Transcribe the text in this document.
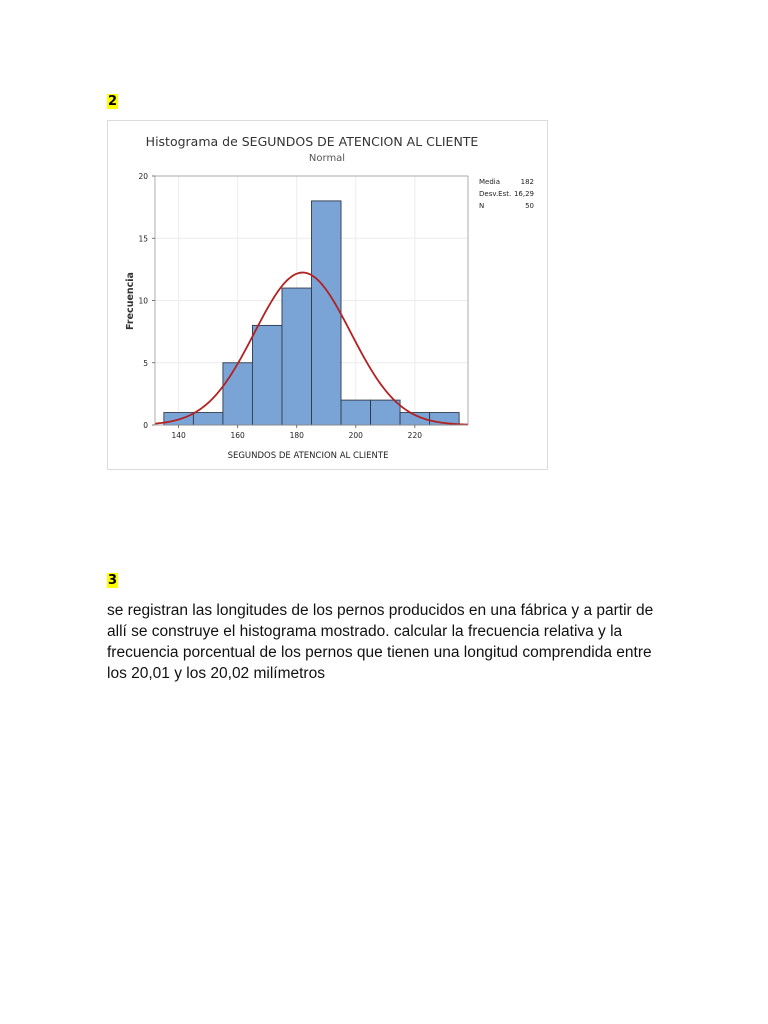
2
Histograma de SEGUNDOS DE ATENCION AL CLIENTE
Normal
0
5
10
15
20
140	160	180	200	220
SEGUNDOS DE ATENCION AL CLIENTE
Frecuencia
Media	182
Desv.Est. 16,29
N	50
3
se registran las longitudes de los pernos producidos en una fábrica y a partir de allí se construye el histograma mostrado. calcular la frecuencia relativa y la frecuencia porcentual de los pernos que tienen una longitud comprendida entre los 20,01 y los 20,02 milímetros
